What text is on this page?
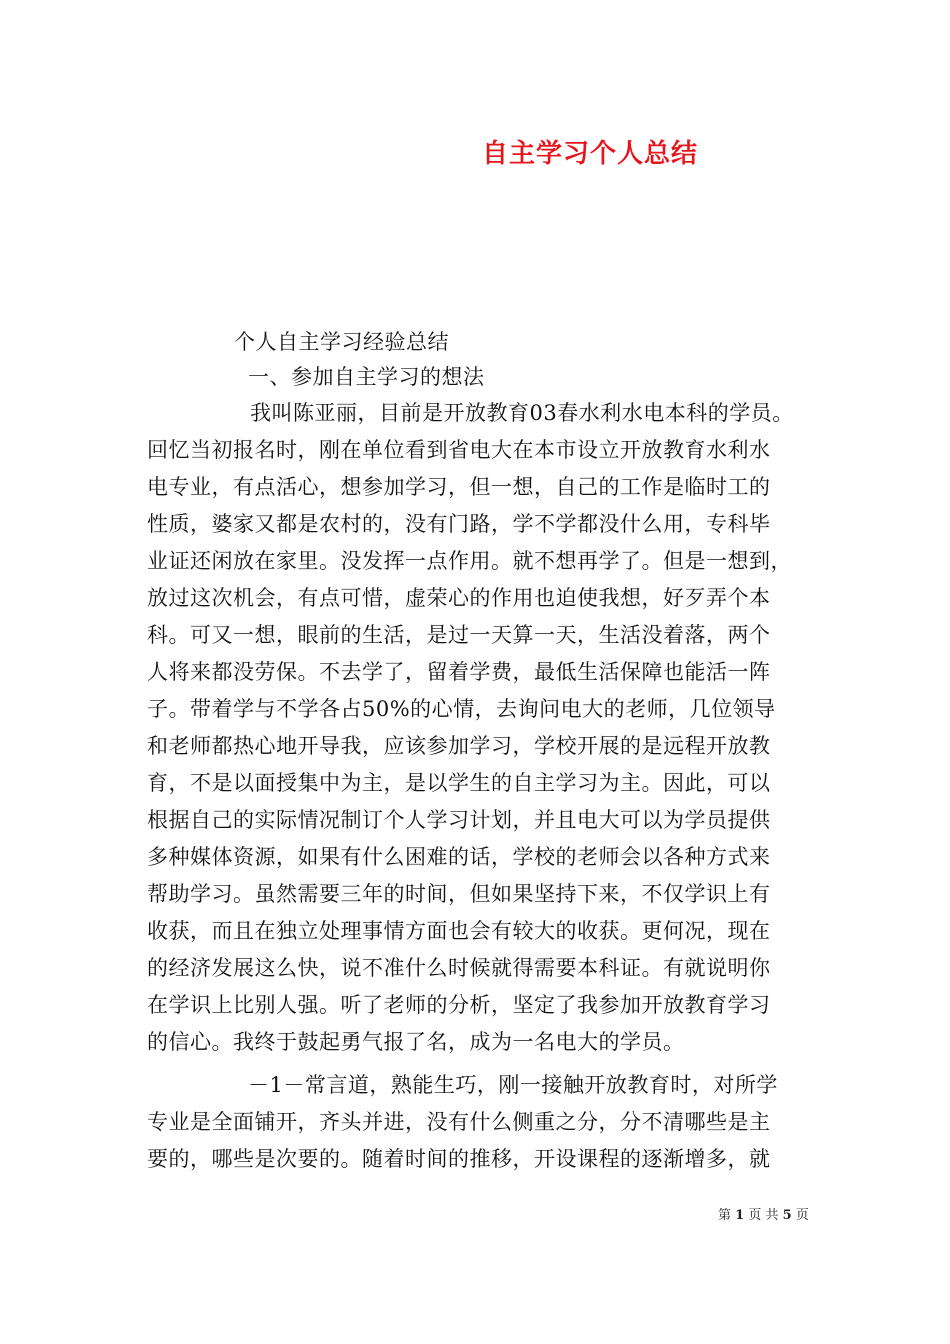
自主学习个人总结
个人自主学习经验总结
一、参加自主学习的想法
我叫陈亚丽，目前是开放教育03春水利水电本科的学员。
回忆当初报名时，刚在单位看到省电大在本市设立开放教育水利水
电专业，有点活心，想参加学习，但一想，自己的工作是临时工的
性质，婆家又都是农村的，没有门路，学不学都没什么用，专科毕
业证还闲放在家里。没发挥一点作用。就不想再学了。但是一想到，
放过这次机会，有点可惜，虚荣心的作用也迫使我想，好歹弄个本
科。可又一想，眼前的生活，是过一天算一天，生活没着落，两个
人将来都没劳保。不去学了，留着学费，最低生活保障也能活一阵
子。带着学与不学各占50%的心情，去询问电大的老师，几位领导
和老师都热心地开导我，应该参加学习，学校开展的是远程开放教
育，不是以面授集中为主，是以学生的自主学习为主。因此，可以
根据自己的实际情况制订个人学习计划，并且电大可以为学员提供
多种媒体资源，如果有什么困难的话，学校的老师会以各种方式来
帮助学习。虽然需要三年的时间，但如果坚持下来，不仅学识上有
收获，而且在独立处理事情方面也会有较大的收获。更何况，现在
的经济发展这么快，说不准什么时候就得需要本科证。有就说明你
在学识上比别人强。听了老师的分析，坚定了我参加开放教育学习
的信心。我终于鼓起勇气报了名，成为一名电大的学员。
－1－常言道，熟能生巧，刚一接触开放教育时，对所学
专业是全面铺开，齐头并进，没有什么侧重之分，分不清哪些是主
要的，哪些是次要的。随着时间的推移，开设课程的逐渐增多，就
第 1 页 共 5 页
